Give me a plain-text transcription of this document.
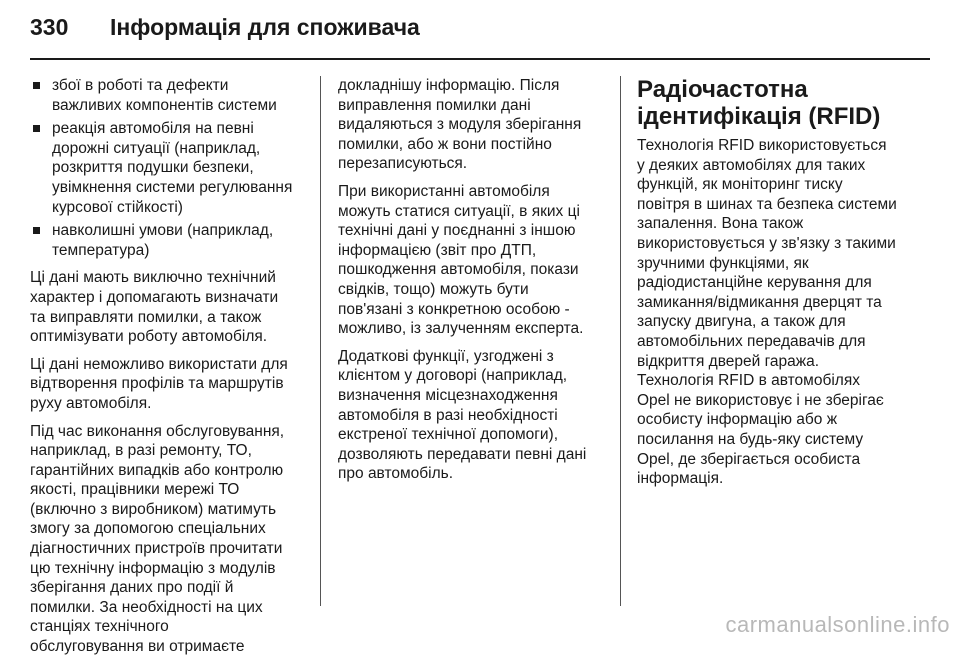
330 Інформація для споживача
збої в роботі та дефекти
важливих компонентів системи
реакція автомобіля на певні
дорожні ситуації (наприклад,
розкриття подушки безпеки,
увімкнення системи регулювання
курсової стійкості)
навколишні умови (наприклад,
температура)
Ці дані мають виключно технічний
характер і допомагають визначати
та виправляти помилки, а також
оптимізувати роботу автомобіля.
Ці дані неможливо використати для
відтворення профілів та маршрутів
руху автомобіля.
Під час виконання обслуговування,
наприклад, в разі ремонту, ТО,
гарантійних випадків або контролю
якості, працівники мережі ТО
(включно з виробником) матимуть
змогу за допомогою спеціальних
діагностичних пристроїв прочитати
цю технічну інформацію з модулів
зберігання даних про події й
помилки. За необхідності на цих
станціях технічного
обслуговування ви отримаєте
докладнішу інформацію. Після
виправлення помилки дані
видаляються з модуля зберігання
помилки, або ж вони постійно
перезаписуються.
При використанні автомобіля
можуть статися ситуації, в яких ці
технічні дані у поєднанні з іншою
інформацією (звіт про ДТП,
пошкодження автомобіля, покази
свідків, тощо) можуть бути
пов'язані з конкретною особою -
можливо, із залученням експерта.
Додаткові функції, узгоджені з
клієнтом у договорі (наприклад,
визначення місцезнаходження
автомобіля в разі необхідності
екстреної технічної допомоги),
дозволяють передавати певні дані
про автомобіль.
Радіочастотна
ідентифікація (RFID)
Технологія RFID використовується
у деяких автомобілях для таких
функцій, як моніторинг тиску
повітря в шинах та безпека системи
запалення. Вона також
використовується у зв'язку з такими
зручними функціями, як
радіодистанційне керування для
замикання/відмикання дверцят та
запуску двигуна, а також для
автомобільних передавачів для
відкриття дверей гаража.
Технологія RFID в автомобілях
Opel не використовує і не зберігає
особисту інформацію або ж
посилання на будь-яку систему
Opel, де зберігається особиста
інформація.
carmanualsonline.info
